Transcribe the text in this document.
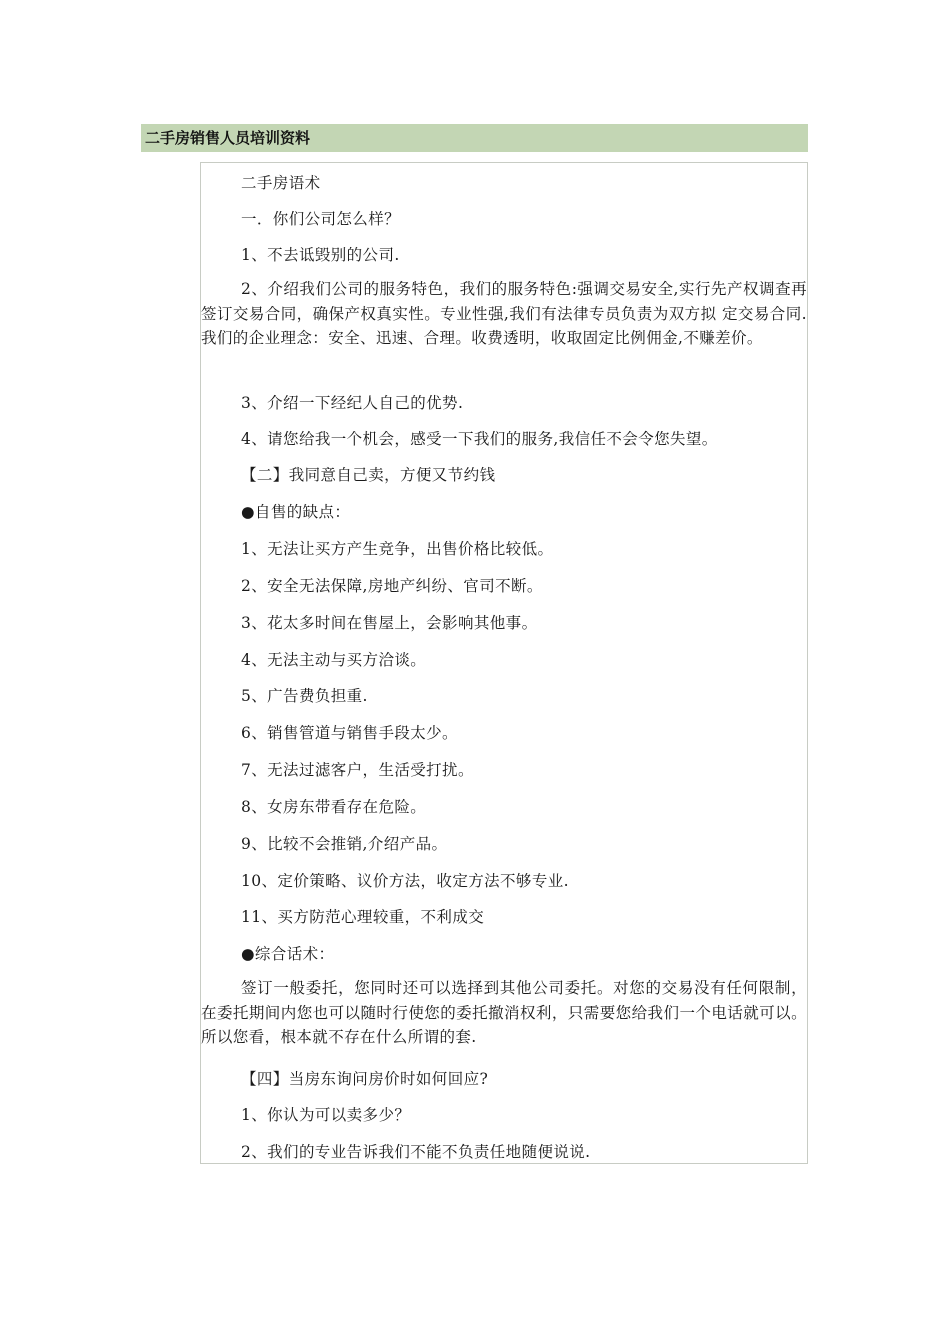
二手房销售人员培训资料
二手房语术
一．你们公司怎么样？
1、不去诋毁别的公司.
2、介绍我们公司的服务特色，我们的服务特色:强调交易安全,实行先产权调查再签订交易合同，确保产权真实性。专业性强,我们有法律专员负责为双方拟 定交易合同.我们的企业理念：安全、迅速、合理。收费透明，收取固定比例佣金,不赚差价。
3、介绍一下经纪人自己的优势.
4、请您给我一个机会，感受一下我们的服务,我信任不会令您失望。
【二】我同意自己卖，方便又节约钱
●自售的缺点：
1、无法让买方产生竞争，出售价格比较低。
2、安全无法保障,房地产纠纷、官司不断。
3、花太多时间在售屋上，会影响其他事。
4、无法主动与买方洽谈。
5、广告费负担重.
6、销售管道与销售手段太少。
7、无法过滤客户，生活受打扰。
8、女房东带看存在危险。
9、比较不会推销,介绍产品。
10、定价策略、议价方法，收定方法不够专业.
11、买方防范心理较重，不利成交
●综合话术：
签订一般委托，您同时还可以选择到其他公司委托。对您的交易没有任何限制， 在委托期间内您也可以随时行使您的委托撤消权利，只需要您给我们一个电话就可以。所以您看，根本就不存在什么所谓的套.
【四】当房东询问房价时如何回应?
1、你认为可以卖多少？
2、我们的专业告诉我们不能不负责任地随便说说.
